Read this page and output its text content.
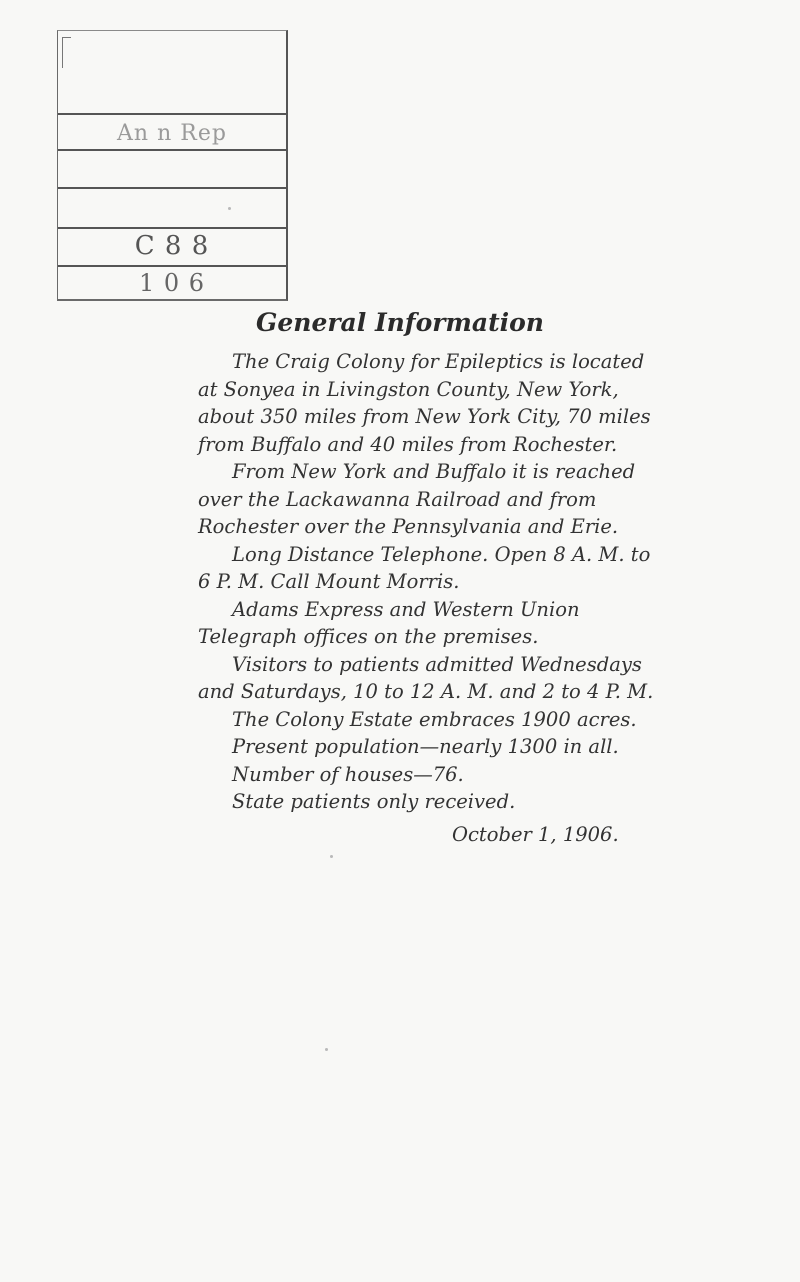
An n Rep
C 8 8
1 0 6
General Information

The Craig Colony for Epileptics is located at Sonyea in Livingston County, New York, about 350 miles from New York City, 70 miles from Buffalo and 40 miles from Rochester.

From New York and Buffalo it is reached over the Lackawanna Railroad and from Rochester over the Pennsylvania and Erie.

Long Distance Telephone. Open 8 A. M. to 6 P. M. Call Mount Morris.

Adams Express and Western Union Telegraph offices on the premises.

Visitors to patients admitted Wednesdays and Saturdays, 10 to 12 A. M. and 2 to 4 P. M.

The Colony Estate embraces 1900 acres.

Present population—nearly 1300 in all.

Number of houses—76.

State patients only received.

October 1, 1906.
